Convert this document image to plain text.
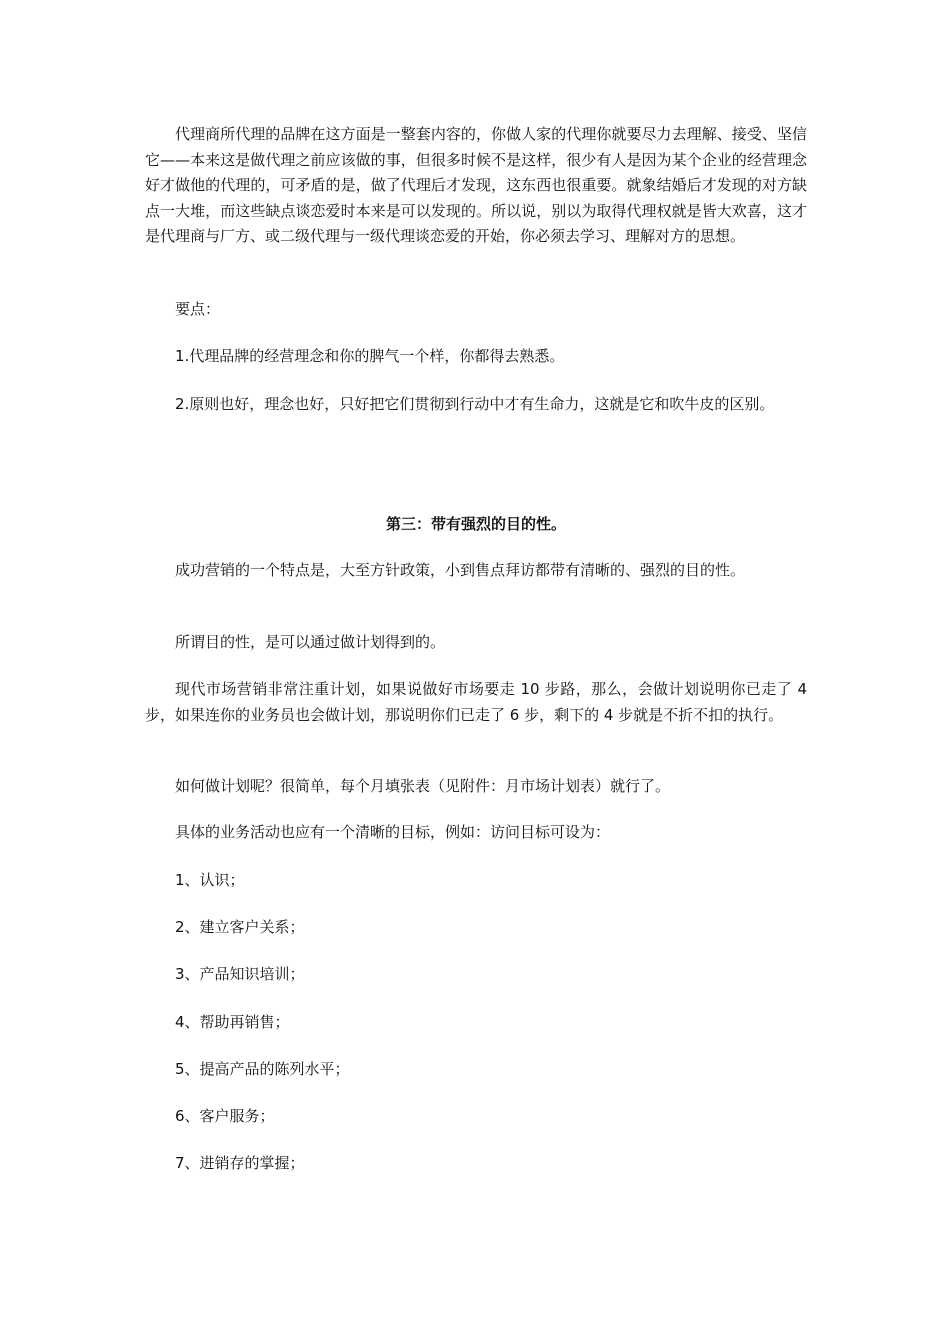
代理商所代理的品牌在这方面是一整套内容的，你做人家的代理你就要尽力去理解、接受、坚信它——本来这是做代理之前应该做的事，但很多时候不是这样，很少有人是因为某个企业的经营理念好才做他的代理的，可矛盾的是，做了代理后才发现，这东西也很重要。就象结婚后才发现的对方缺点一大堆，而这些缺点谈恋爱时本来是可以发现的。所以说，别以为取得代理权就是皆大欢喜，这才是代理商与厂方、或二级代理与一级代理谈恋爱的开始，你必须去学习、理解对方的思想。

要点：

1.代理品牌的经营理念和你的脾气一个样，你都得去熟悉。

2.原则也好，理念也好，只好把它们贯彻到行动中才有生命力，这就是它和吹牛皮的区别。

第三：带有强烈的目的性。

成功营销的一个特点是，大至方针政策，小到售点拜访都带有清晰的、强烈的目的性。

所谓目的性，是可以通过做计划得到的。

现代市场营销非常注重计划，如果说做好市场要走 10 步路，那么，会做计划说明你已走了 4 步，如果连你的业务员也会做计划，那说明你们已走了 6 步，剩下的 4 步就是不折不扣的执行。

如何做计划呢？很简单，每个月填张表（见附件：月市场计划表）就行了。

具体的业务活动也应有一个清晰的目标，例如：访问目标可设为：

1、认识；

2、建立客户关系；

3、产品知识培训；

4、帮助再销售；

5、提高产品的陈列水平；

6、客户服务；

7、进销存的掌握；
